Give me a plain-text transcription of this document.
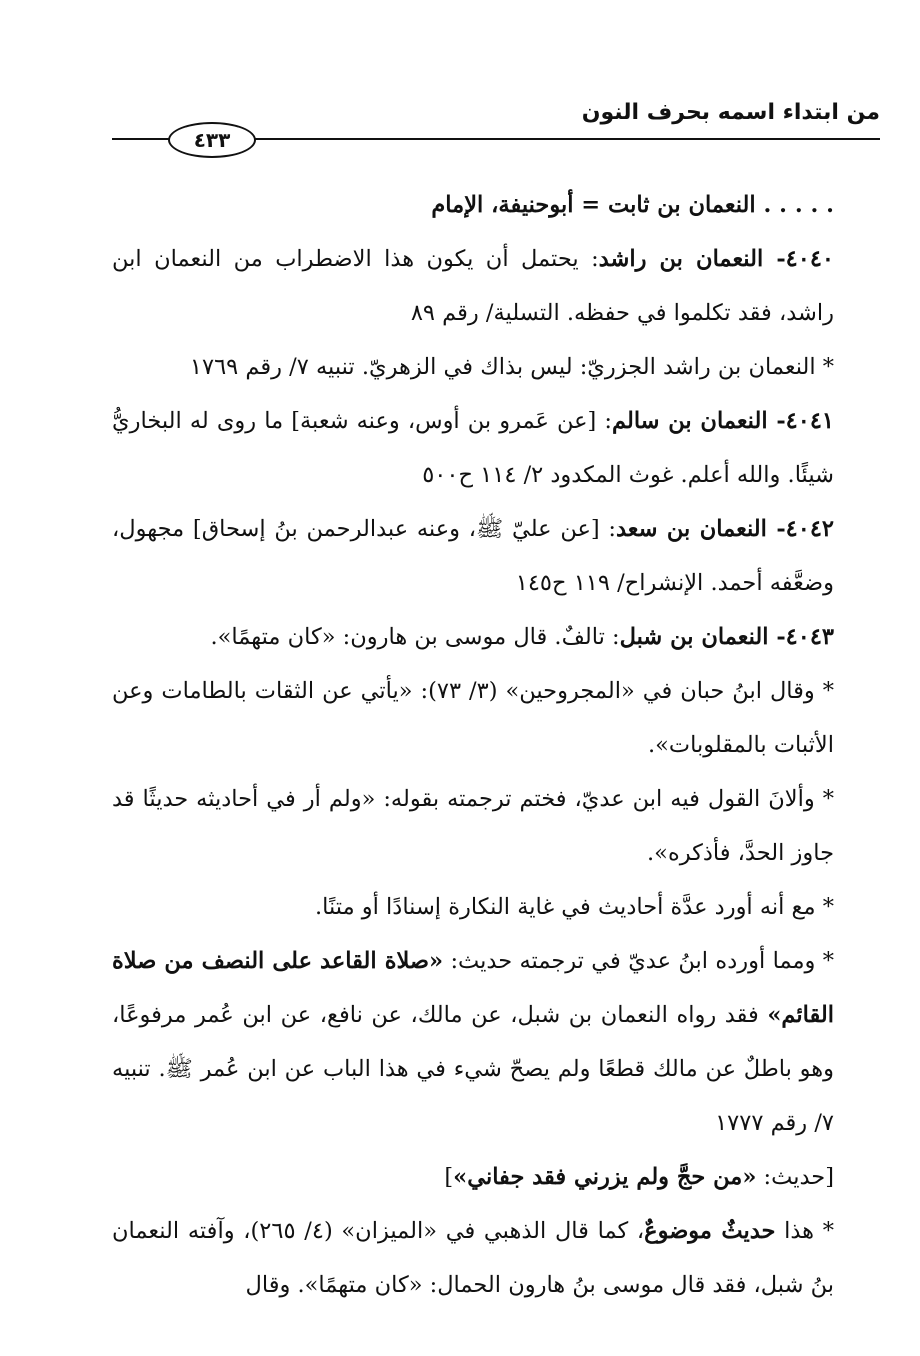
من ابتداء اسمه بحرف النون
٤٣٣

. . . . . النعمان بن ثابت = أبوحنيفة، الإمام

٤٠٤٠- النعمان بن راشد: يحتمل أن يكون هذا الاضطراب من النعمان ابن راشد، فقد تكلموا في حفظه. التسلية/ رقم ٨٩

* النعمان بن راشد الجزريّ: ليس بذاك في الزهريّ. تنبيه ٧/ رقم ١٧٦٩

٤٠٤١- النعمان بن سالم: [عن عَمرو بن أوس، وعنه شعبة] ما روى له البخاريُّ شيئًا. والله أعلم. غوث المكدود ٢/ ١١٤ ح٥٠٠

٤٠٤٢- النعمان بن سعد: [عن عليّ ﷺ، وعنه عبدالرحمن بنُ إسحاق] مجهول، وضعَّفه أحمد. الإنشراح/ ١١٩ ح١٤٥

٤٠٤٣- النعمان بن شبل: تالفٌ. قال موسى بن هارون: «كان متهمًا».

* وقال ابنُ حبان في «المجروحين» (٣/ ٧٣): «يأتي عن الثقات بالطامات وعن الأثبات بالمقلوبات».

* وألانَ القول فيه ابن عديّ، فختم ترجمته بقوله: «ولم أر في أحاديثه حديثًا قد جاوز الحدَّ، فأذكره».

* مع أنه أورد عدَّة أحاديث في غاية النكارة إسنادًا أو متنًا.

* ومما أورده ابنُ عديّ في ترجمته حديث: «صلاة القاعد على النصف من صلاة القائم» فقد رواه النعمان بن شبل، عن مالك، عن نافع، عن ابن عُمر مرفوعًا، وهو باطلٌ عن مالك قطعًا ولم يصحّ شيء في هذا الباب عن ابن عُمر ﷺ. تنبيه ٧/ رقم ١٧٧٧

[حديث: «من حجَّ ولم يزرني فقد جفاني»]

* هذا حديثٌ موضوعٌ، كما قال الذهبي في «الميزان» (٤/ ٢٦٥)، وآفته النعمان بنُ شبل، فقد قال موسى بنُ هارون الحمال: «كان متهمًا». وقال
